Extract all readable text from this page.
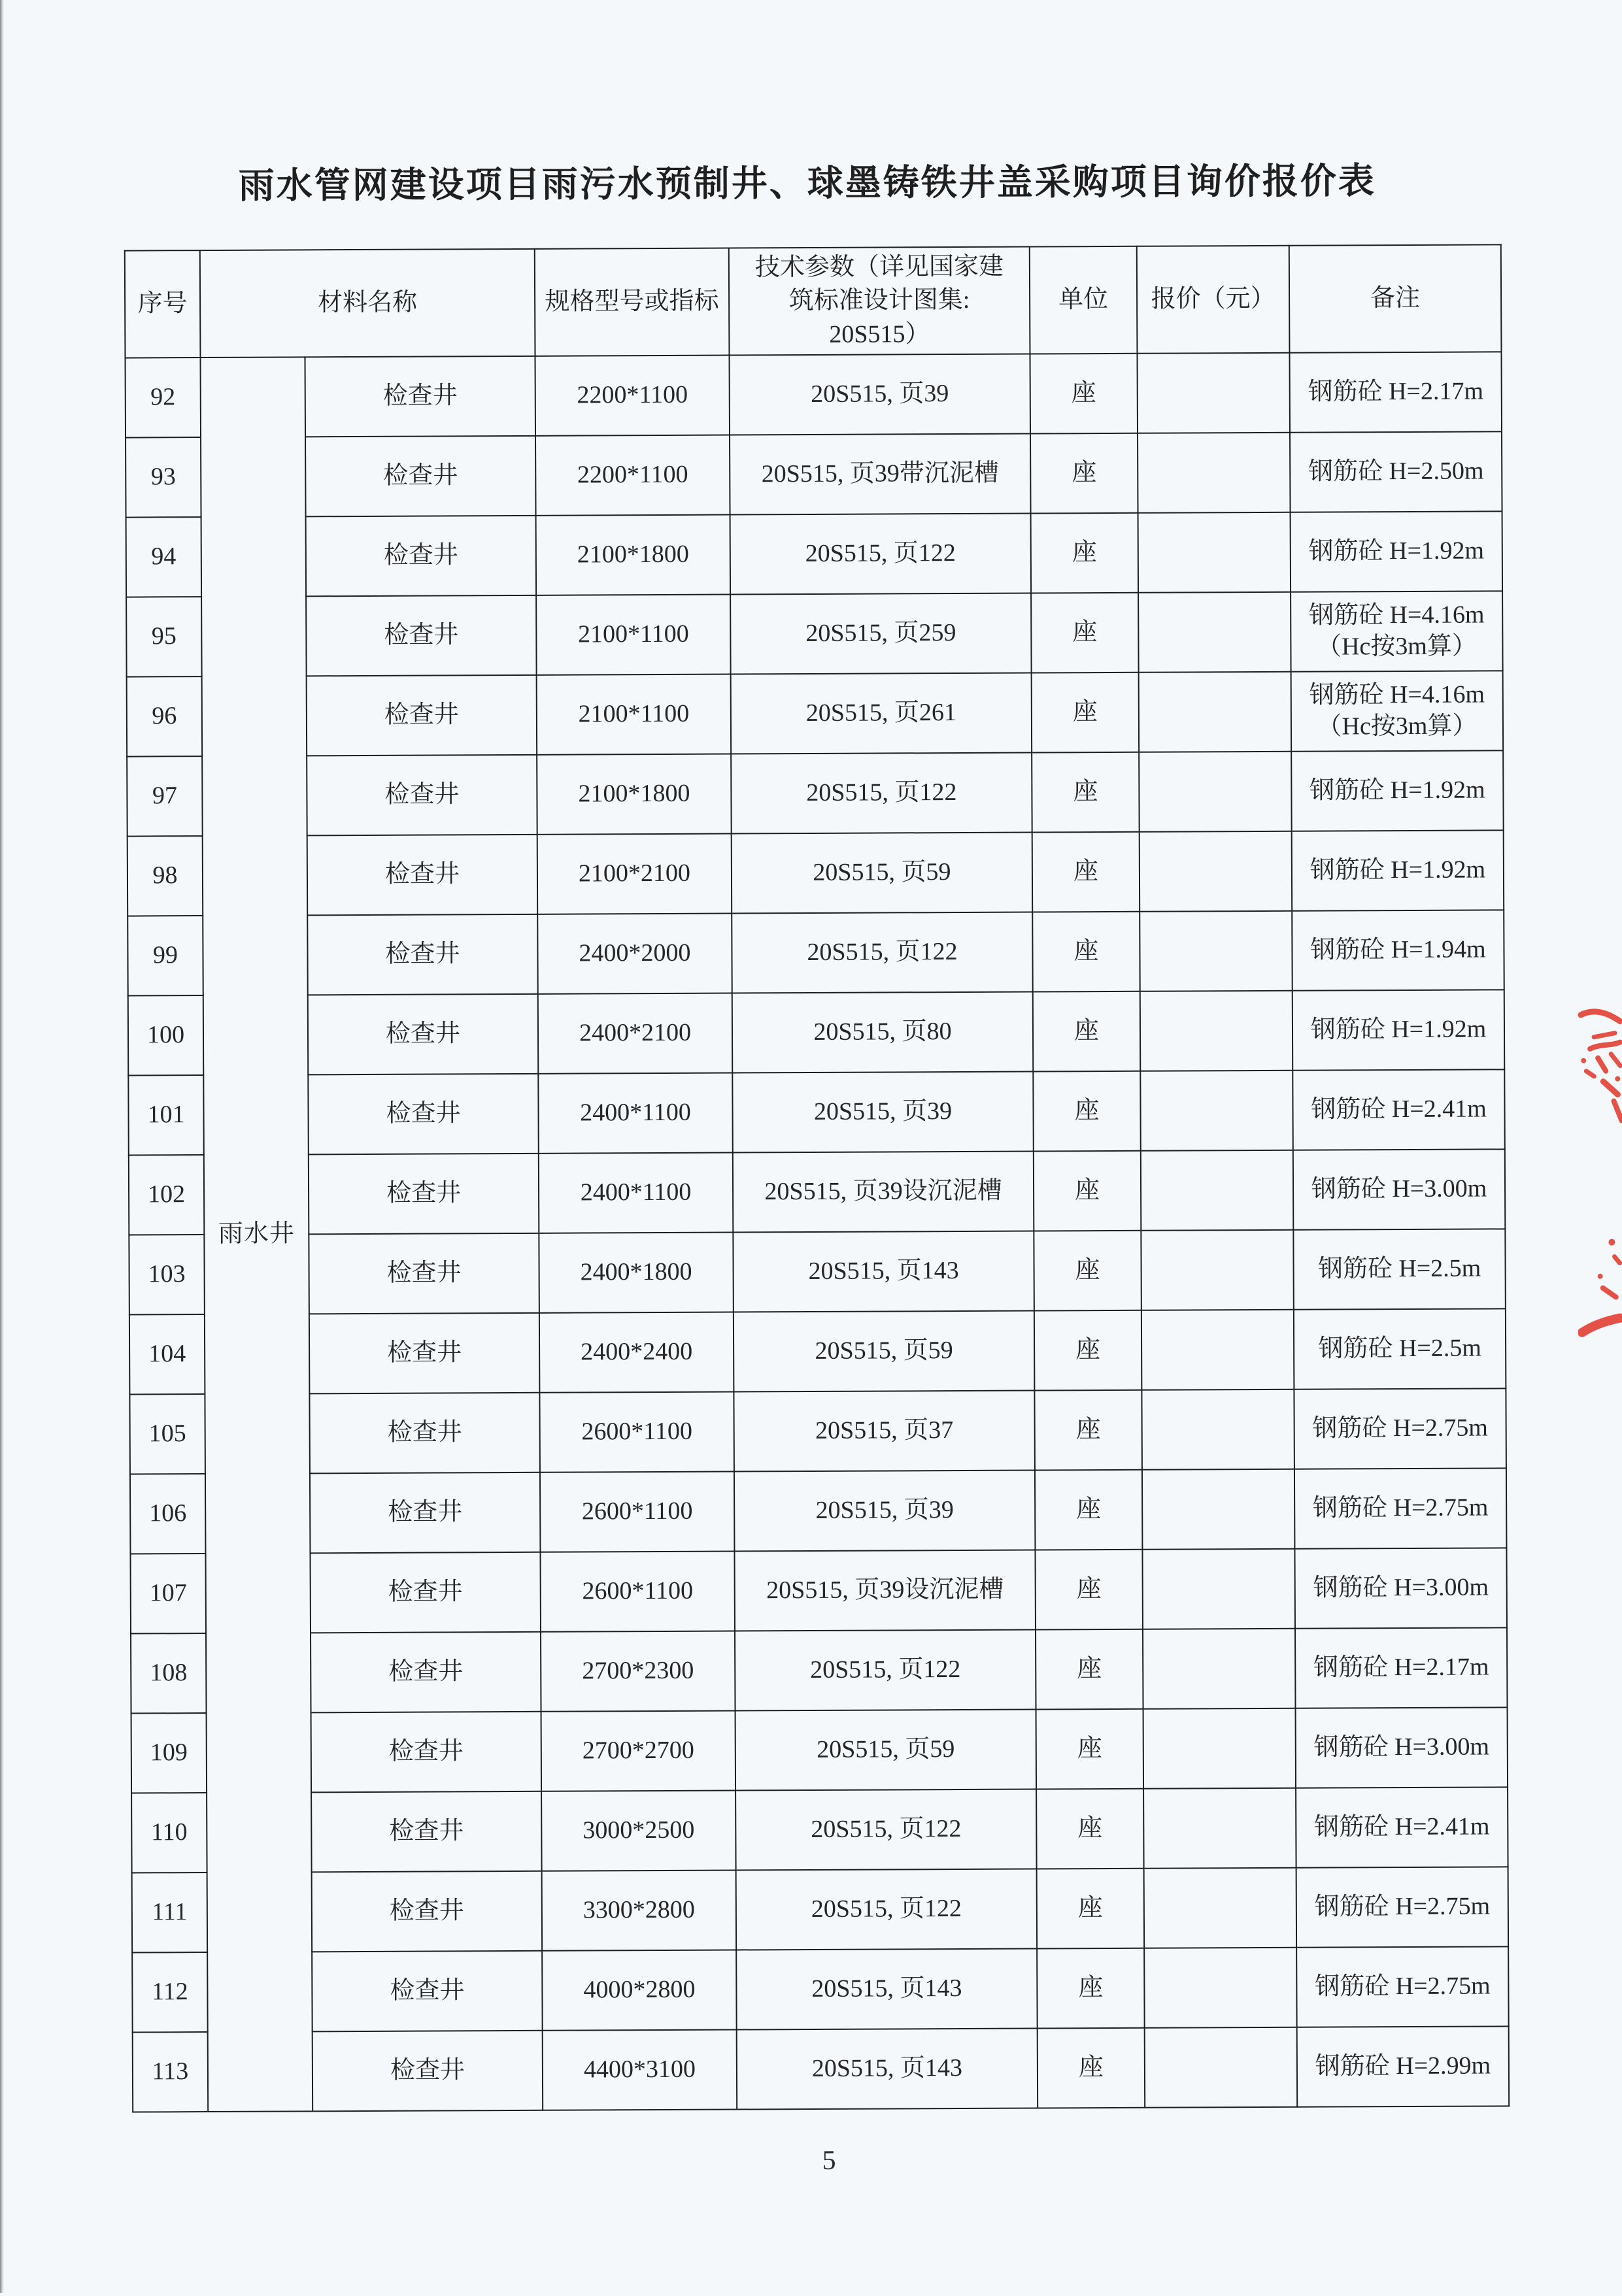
雨水管网建设项目雨污水预制井、球墨铸铁井盖采购项目询价报价表
序号	材料名称		规格型号或指标	技术参数（详见国家建筑标准设计图集: 20S515）	单位	报价（元）	备注
92	雨水井	检查井	2200*1100	20S515, 页39	座		钢筋砼 H=2.17m
93		检查井	2200*1100	20S515, 页39带沉泥槽	座		钢筋砼 H=2.50m
94		检查井	2100*1800	20S515, 页122	座		钢筋砼 H=1.92m
95		检查井	2100*1100	20S515, 页259	座		钢筋砼 H=4.16m
（Hc按3m算）
96		检查井	2100*1100	20S515, 页261	座		钢筋砼 H=4.16m
（Hc按3m算）
97		检查井	2100*1800	20S515, 页122	座		钢筋砼 H=1.92m
98		检查井	2100*2100	20S515, 页59	座		钢筋砼 H=1.92m
99		检查井	2400*2000	20S515, 页122	座		钢筋砼 H=1.94m
100		检查井	2400*2100	20S515, 页80	座		钢筋砼 H=1.92m
101		检查井	2400*1100	20S515, 页39	座		钢筋砼 H=2.41m
102		检查井	2400*1100	20S515, 页39设沉泥槽	座		钢筋砼 H=3.00m
103		检查井	2400*1800	20S515, 页143	座		钢筋砼 H=2.5m
104		检查井	2400*2400	20S515, 页59	座		钢筋砼 H=2.5m
105		检查井	2600*1100	20S515, 页37	座		钢筋砼 H=2.75m
106		检查井	2600*1100	20S515, 页39	座		钢筋砼 H=2.75m
107		检查井	2600*1100	20S515, 页39设沉泥槽	座		钢筋砼 H=3.00m
108		检查井	2700*2300	20S515, 页122	座		钢筋砼 H=2.17m
109		检查井	2700*2700	20S515, 页59	座		钢筋砼 H=3.00m
110		检查井	3000*2500	20S515, 页122	座		钢筋砼 H=2.41m
111		检查井	3300*2800	20S515, 页122	座		钢筋砼 H=2.75m
112		检查井	4000*2800	20S515, 页143	座		钢筋砼 H=2.75m
113		检查井	4400*3100	20S515, 页143	座		钢筋砼 H=2.99m
5
